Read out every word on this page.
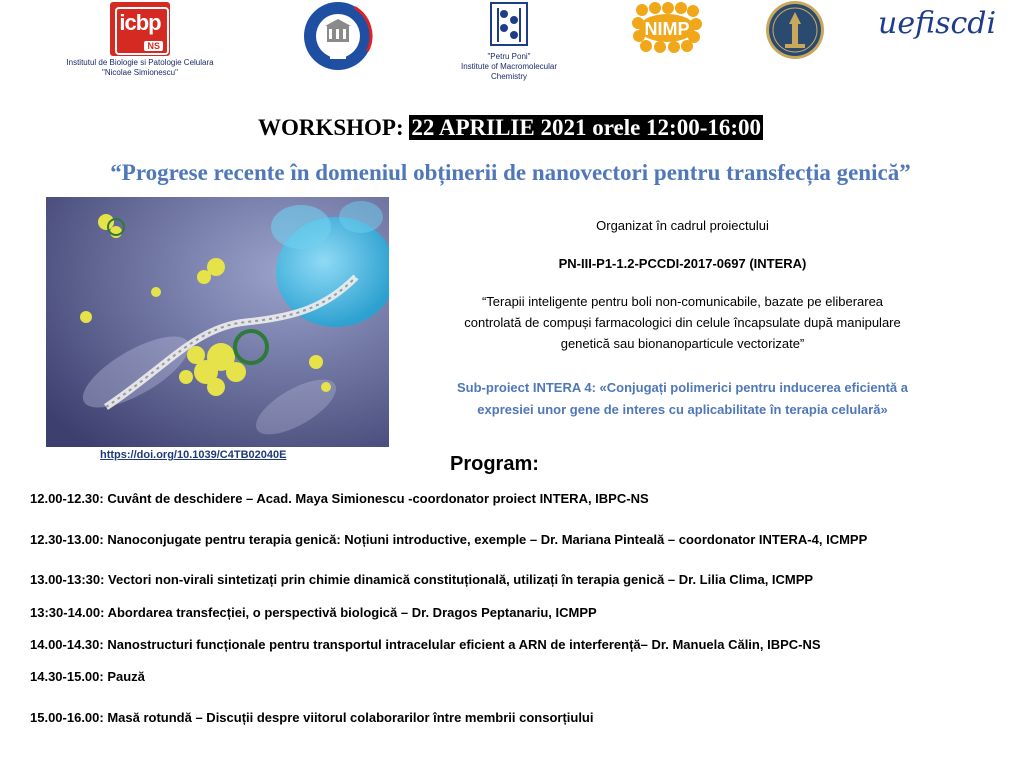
icbp
NS
Institutul de Biologie si Patologie Celulara
"Nicolae Simionescu"
"Petru Poni"
Institute of Macromolecular
Chemistry
NIMP	uefiscdi
WORKSHOP: 22 APRILIE 2021 orele 12:00-16:00
“Progrese recente în domeniul obținerii de nanovectori pentru transfecția genică”
https://doi.org/10.1039/C4TB02040E
Organizat în cadrul proiectului
PN-III-P1-1.2-PCCDI-2017-0697 (INTERA)
“Terapii inteligente pentru boli non-comunicabile, bazate pe eliberarea
controlată de compuși farmacologici din celule încapsulate după manipulare
genetică sau bionanoparticule vectorizate”
Sub-proiect INTERA 4: «Conjugați polimerici pentru inducerea eficientă a
expresiei unor gene de interes cu aplicabilitate în terapia celulară»
Program:
12.00-12.30: Cuvânt de deschidere – Acad. Maya Simionescu -coordonator proiect INTERA, IBPC-NS
12.30-13.00: Nanoconjugate pentru terapia genică: Noțiuni introductive, exemple – Dr. Mariana Pinteală – coordonator INTERA-4, ICMPP
13.00-13:30: Vectori non-virali sintetizați prin chimie dinamică constituțională, utilizați în terapia genică – Dr. Lilia Clima, ICMPP
13:30-14.00: Abordarea transfecției, o perspectivă biologică – Dr. Dragos Peptanariu, ICMPP
14.00-14.30: Nanostructuri funcționale pentru transportul intracelular eficient a ARN de interferență– Dr. Manuela Călin, IBPC-NS
14.30-15.00: Pauză
15.00-16.00: Masă rotundă – Discuții despre viitorul colaborarilor între membrii consorțiului
